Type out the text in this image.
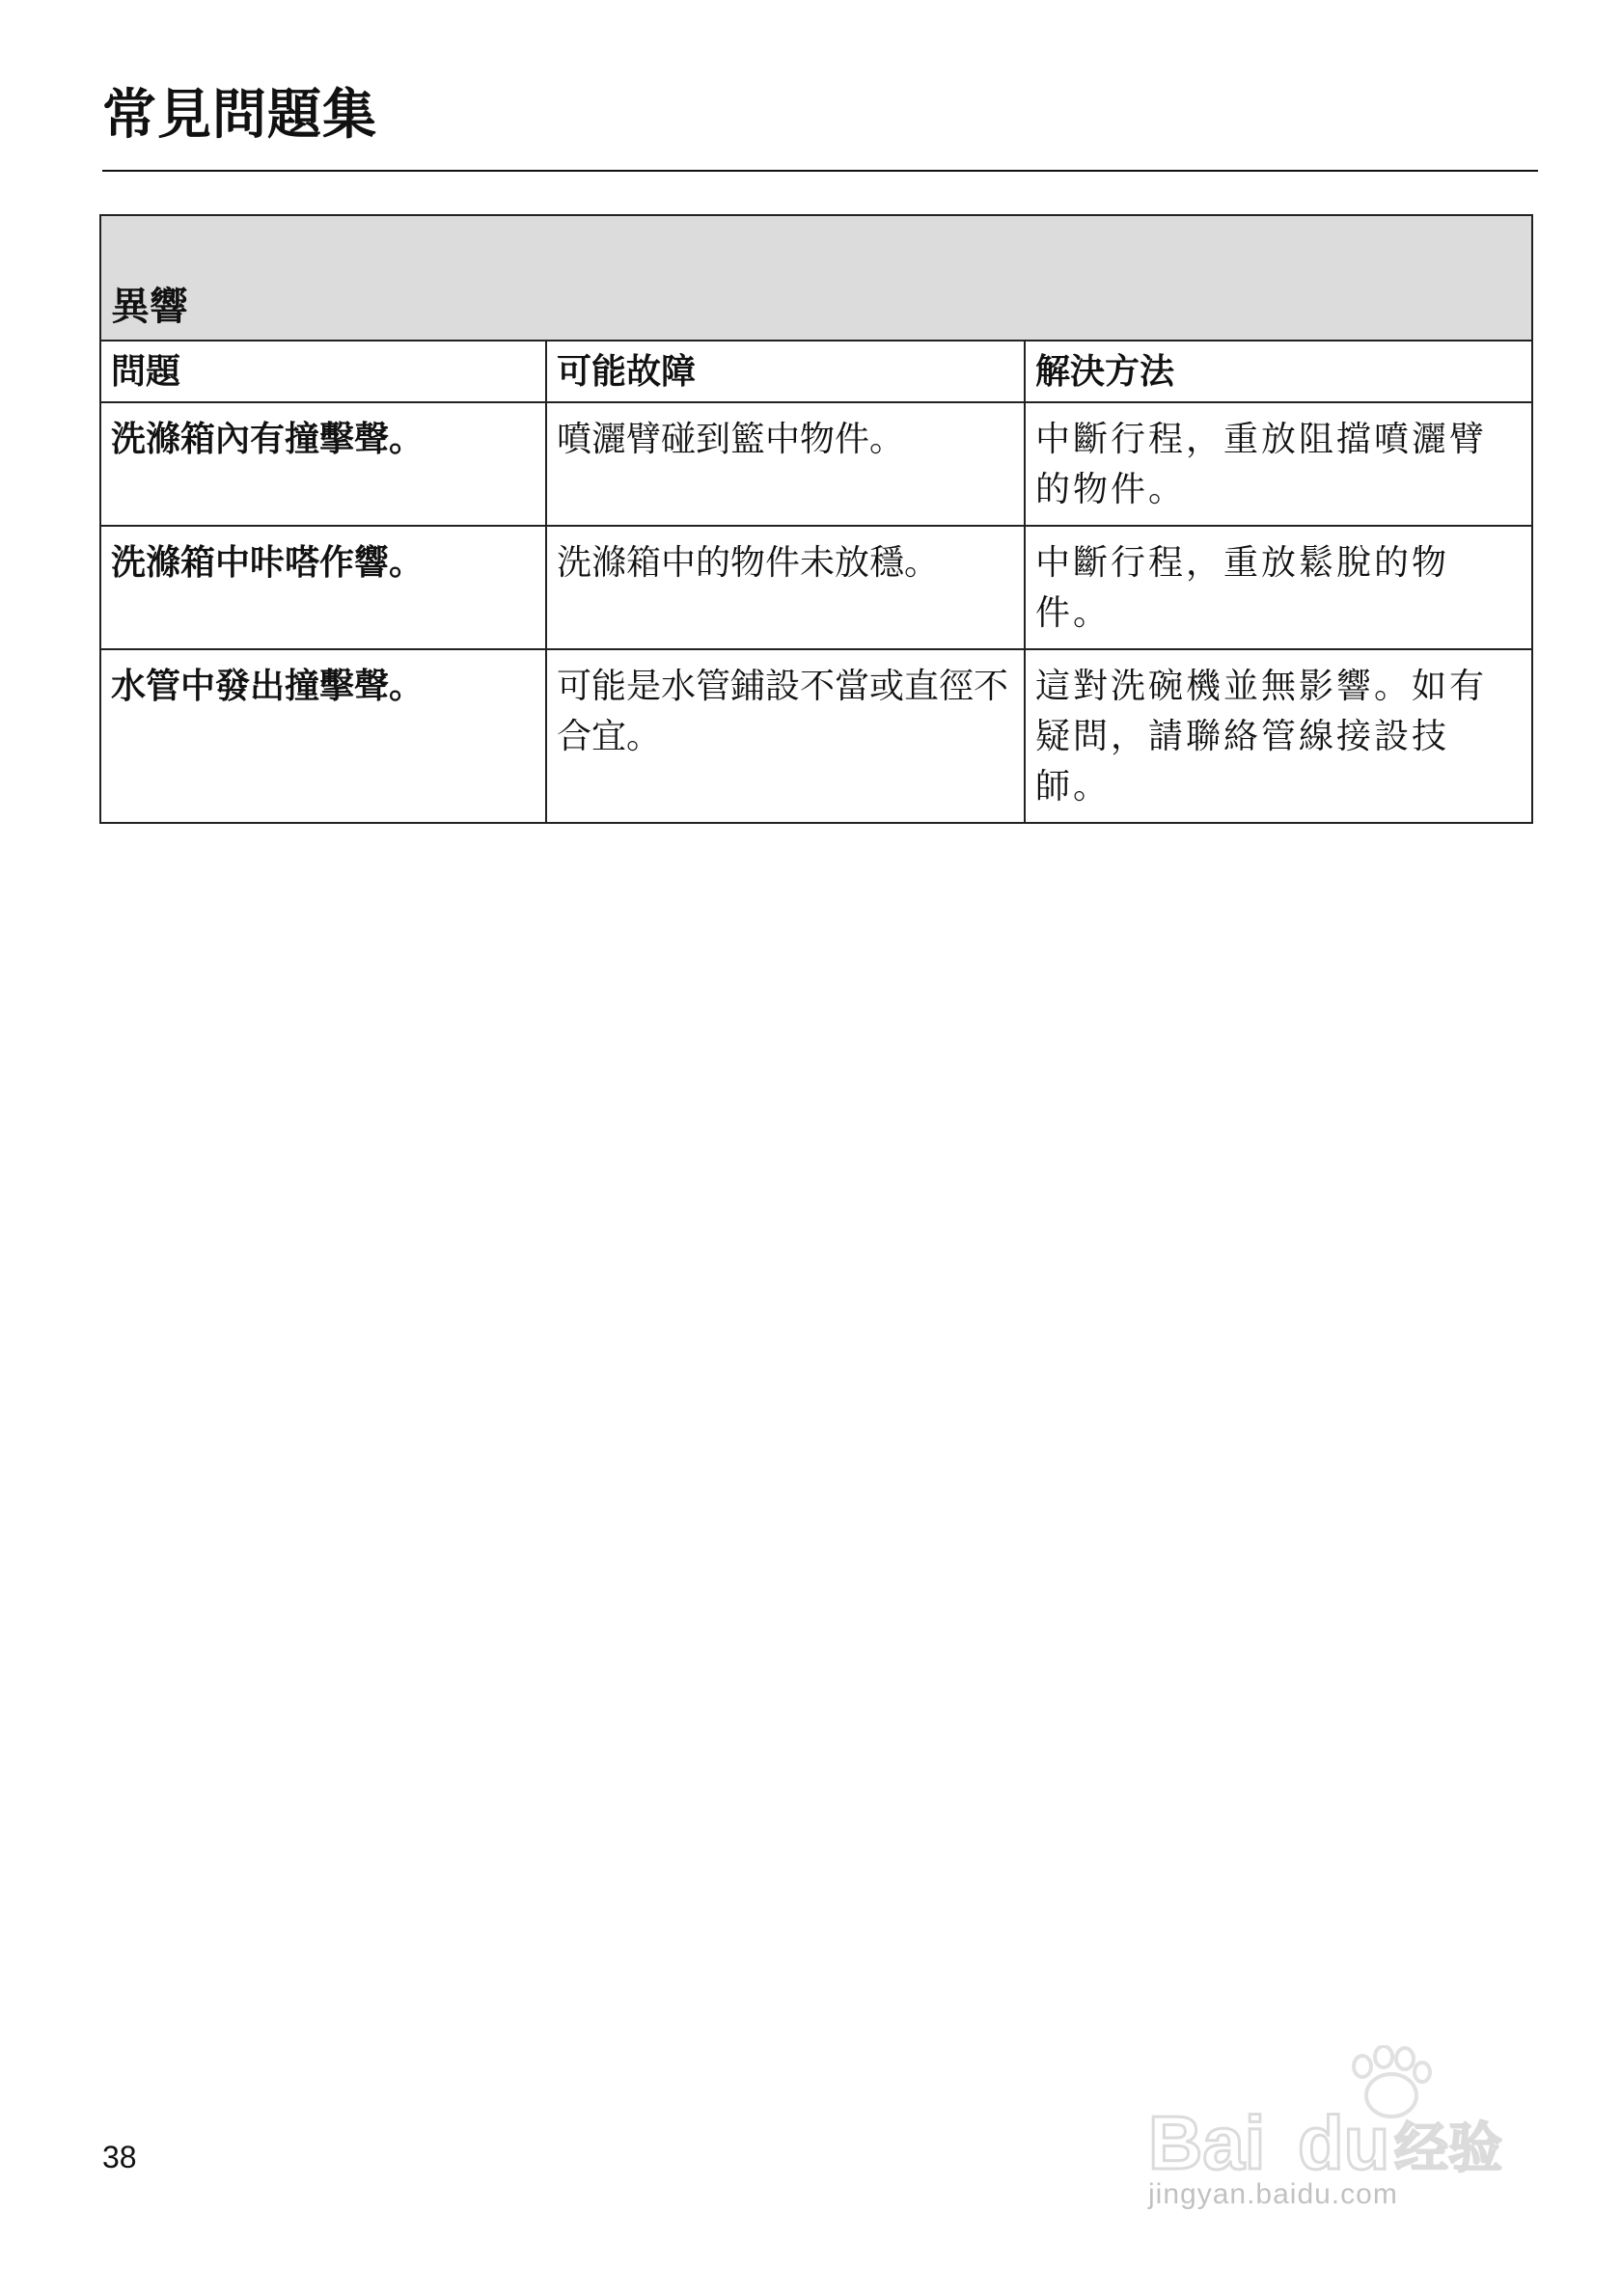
常見問題集
異響		
問題	可能故障	解決方法
洗滌箱內有撞擊聲。	噴灑臂碰到籃中物件。	中斷行程，重放阻擋噴灑臂的物件。
洗滌箱中咔嗒作響。	洗滌箱中的物件未放穩。	中斷行程，重放鬆脫的物件。
水管中發出撞擊聲。	可能是水管鋪設不當或直徑不合宜。	這對洗碗機並無影響。如有疑問，請聯絡管線接設技師。
38	Bai du 经验
jingyan.baidu.com
